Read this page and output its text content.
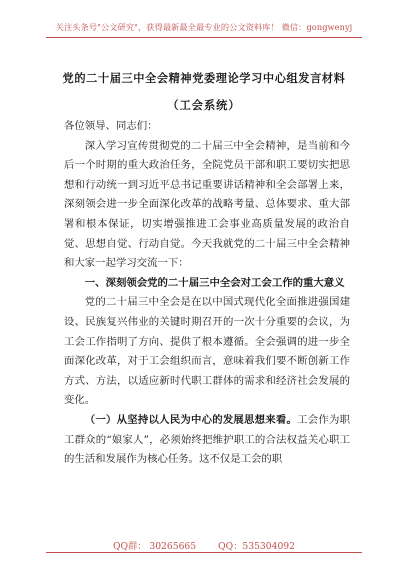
关注头条号"公文研究"，获得最新最全最专业的公文资料库！ 微信：gongwenyj
党的二十届三中全会精神党委理论学习中心组发言材料
（工会系统）

各位领导、同志们：

深入学习宣传贯彻党的二十届三中全会精神，是当前和今后一个时期的重大政治任务，全院党员干部和职工要切实把思想和行动统一到习近平总书记重要讲话精神和全会部署上来，深刻领会进一步全面深化改革的战略考量、总体要求、重大部署和根本保证，切实增强推进工会事业高质量发展的政治自觉、思想自觉、行动自觉。今天我就党的二十届三中全会精神和大家一起学习交流一下：

一、深刻领会党的二十届三中全会对工会工作的重大意义

党的二十届三中全会是在以中国式现代化全面推进强国建设、民族复兴伟业的关键时期召开的一次十分重要的会议，为工会工作指明了方向、提供了根本遵循。全会强调的进一步全面深化改革，对于工会组织而言，意味着我们要不断创新工作方式、方法，以适应新时代职工群体的需求和经济社会发展的变化。

（一）从坚持以人民为中心的发展思想来看。工会作为职工群众的“娘家人”，必须始终把维护职工的合法权益关心职工的生活和发展作为核心任务。这不仅是工会的职

QQ群： 30265665 QQ：535304092
